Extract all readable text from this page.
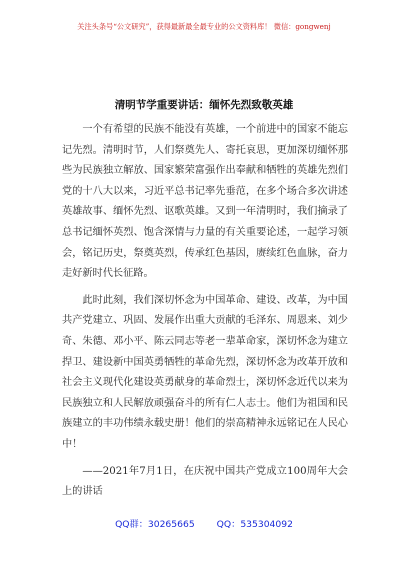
关注头条号“公文研究”，获得最新最全最专业的公文资料库！ 微信：gongwenj
清明节学重要讲话：缅怀先烈致敬英雄

一个有希望的民族不能没有英雄，一个前进中的国家不能忘记先烈。清明时节，人们祭奠先人、寄托哀思，更加深切缅怀那些为民族独立解放、国家繁荣富强作出奉献和牺牲的英雄先烈们党的十八大以来，习近平总书记率先垂范，在多个场合多次讲述英雄故事、缅怀先烈、讴歌英雄。又到一年清明时，我们摘录了总书记缅怀英烈、饱含深情与力量的有关重要论述，一起学习领会，铭记历史，祭奠英烈，传承红色基因，赓续红色血脉，奋力走好新时代长征路。

此时此刻，我们深切怀念为中国革命、建设、改革，为中国共产党建立、巩固、发展作出重大贡献的毛泽东、周恩来、刘少奇、朱德、邓小平、陈云同志等老一辈革命家，深切怀念为建立捍卫、建设新中国英勇牺牲的革命先烈，深切怀念为改革开放和社会主义现代化建设英勇献身的革命烈士，深切怀念近代以来为民族独立和人民解放顽强奋斗的所有仁人志士。他们为祖国和民族建立的丰功伟绩永载史册！他们的崇高精神永远铭记在人民心中！

——2021年7月1日，在庆祝中国共产党成立100周年大会上的讲话

QQ群：30265665 QQ：535304092
